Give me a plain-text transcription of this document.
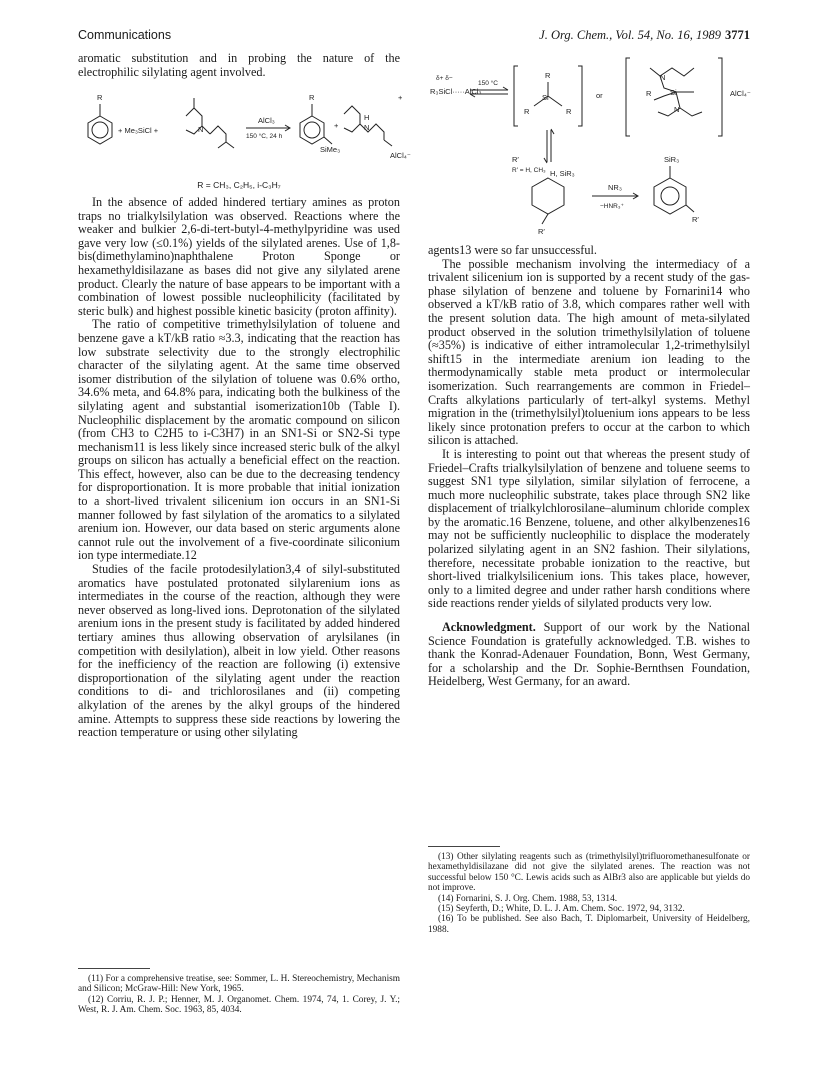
Communications	J. Org. Chem., Vol. 54, No. 16, 1989 3771

aromatic substitution and in probing the nature of the electrophilic silylating agent involved.

R
+ Me₃SiCl +	N
AlCl₃
150 °C, 24 h
R
SiMe₃
+
H
N
AlCl₄⁻
+
R = CH₃, C₂H₅, i-C₃H₇

In the absence of added hindered tertiary amines as proton traps no trialkylsilylation was observed. Reactions where the weaker and bulkier 2,6-di-tert-butyl-4-methylpyridine was used gave very low (≤0.1%) yields of the silylated arenes. Use of 1,8-bis(dimethylamino)naphthalene Proton Sponge or hexamethyldisilazane as bases did not give any silylated arene product. Clearly the nature of base appears to be important with a combination of lowest possible nucleophilicity (facilitated by steric bulk) and highest possible kinetic basicity (proton affinity).

The ratio of competitive trimethylsilylation of toluene and benzene gave a kT/kB ratio ≈3.3, indicating that the reaction has low substrate selectivity due to the strongly electrophilic character of the silylating agent. At the same time observed isomer distribution of the silylation of toluene was 0.6% ortho, 34.6% meta, and 64.8% para, indicating both the bulkiness of the silylating agent and substantial isomerization10b (Table I). Nucleophilic displacement by the aromatic compound on silicon (from CH3 to C2H5 to i-C3H7) in an SN1-Si or SN2-Si type mechanism11 is less likely since increased steric bulk of the alkyl groups on silicon has actually a beneficial effect on the reaction. This effect, however, also can be due to the decreasing tendency for disproportionation. It is more probable that initial ionization to a short-lived trivalent silicenium ion occurs in an SN1-Si manner followed by fast silylation of the aromatics to a silylated arenium ion. However, our data based on steric arguments alone cannot rule out the involvement of a five-coordinate siliconium ion type intermediate.12

Studies of the facile protodesilylation3,4 of silyl-substituted aromatics have postulated protonated silylarenium ions as intermediates in the course of the reaction, although they were never observed as long-lived ions. Deprotonation of the silylated arenium ions in the present study is facilitated by added hindered tertiary amines thus allowing observation of arylsilanes (in competition with desilylation), albeit in low yield. Other reasons for the inefficiency of the reaction are following (i) extensive disproportionation of the silylating agent under the reaction conditions to di- and trichlorosilanes and (ii) competing alkylation of the arenes by the alkyl groups of the hindered amine. Attempts to suppress these side reactions by lowering the reaction temperature or using other silylating

δ+ δ−
R₃SiCl·····AlCl₃
150 °C
R
R	R
Si	or	R Si
N
N
AlCl₄⁻
R′
R′ = H, CH₃ H, SiR₃
NR₃
−HNR₃⁺
SiR₃
R′
R′

agents13 were so far unsuccessful.

The possible mechanism involving the intermediacy of a trivalent silicenium ion is supported by a recent study of the gas-phase silylation of benzene and toluene by Fornarini14 who observed a kT/kB ratio of 3.8, which compares rather well with the present solution data. The high amount of meta-silylated product observed in the solution trimethylsilylation of toluene (≈35%) is indicative of either intramolecular 1,2-trimethylsilyl shift15 in the intermediate arenium ion leading to the thermodynamically stable meta product or intermolecular isomerization. Such rearrangements are common in Friedel–Crafts alkylations particularly of tert-alkyl systems. Methyl migration in the (trimethylsilyl)toluenium ions appears to be less likely since protonation prefers to occur at the carbon to which silicon is attached.

It is interesting to point out that whereas the present study of Friedel–Crafts trialkylsilylation of benzene and toluene seems to suggest SN1 type silylation, similar silylation of ferrocene, a much more nucleophilic substrate, takes place through SN2 like displacement of trialkylchlorosilane–aluminum chloride complex by the aromatic.16 Benzene, toluene, and other alkylbenzenes16 may not be sufficiently nucleophilic to displace the moderately polarized silylating agent in an SN2 fashion. Their silylations, therefore, necessitate probable ionization to the reactive, but short-lived trialkylsilicenium ions. This takes place, however, only to a limited degree and under rather harsh conditions where side reactions render yields of silylated products very low.

Acknowledgment. Support of our work by the National Science Foundation is gratefully acknowledged. T.B. wishes to thank the Konrad-Adenauer Foundation, Bonn, West Germany, for a scholarship and the Dr. Sophie-Bernthsen Foundation, Heidelberg, West Germany, for an award.

(11) For a comprehensive treatise, see: Sommer, L. H. Stereochemistry, Mechanism and Silicon; McGraw-Hill: New York, 1965.

(12) Corriu, R. J. P.; Henner, M. J. Organomet. Chem. 1974, 74, 1. Corey, J. Y.; West, R. J. Am. Chem. Soc. 1963, 85, 4034.

(13) Other silylating reagents such as (trimethylsilyl)trifluoromethanesulfonate or hexamethyldisilazane did not give the silylated arenes. The reaction was not successful below 150 °C. Lewis acids such as AlBr3 also are applicable but yields do not improve.

(14) Fornarini, S. J. Org. Chem. 1988, 53, 1314.

(15) Seyferth, D.; White, D. L. J. Am. Chem. Soc. 1972, 94, 3132.

(16) To be published. See also Bach, T. Diplomarbeit, University of Heidelberg, 1988.
